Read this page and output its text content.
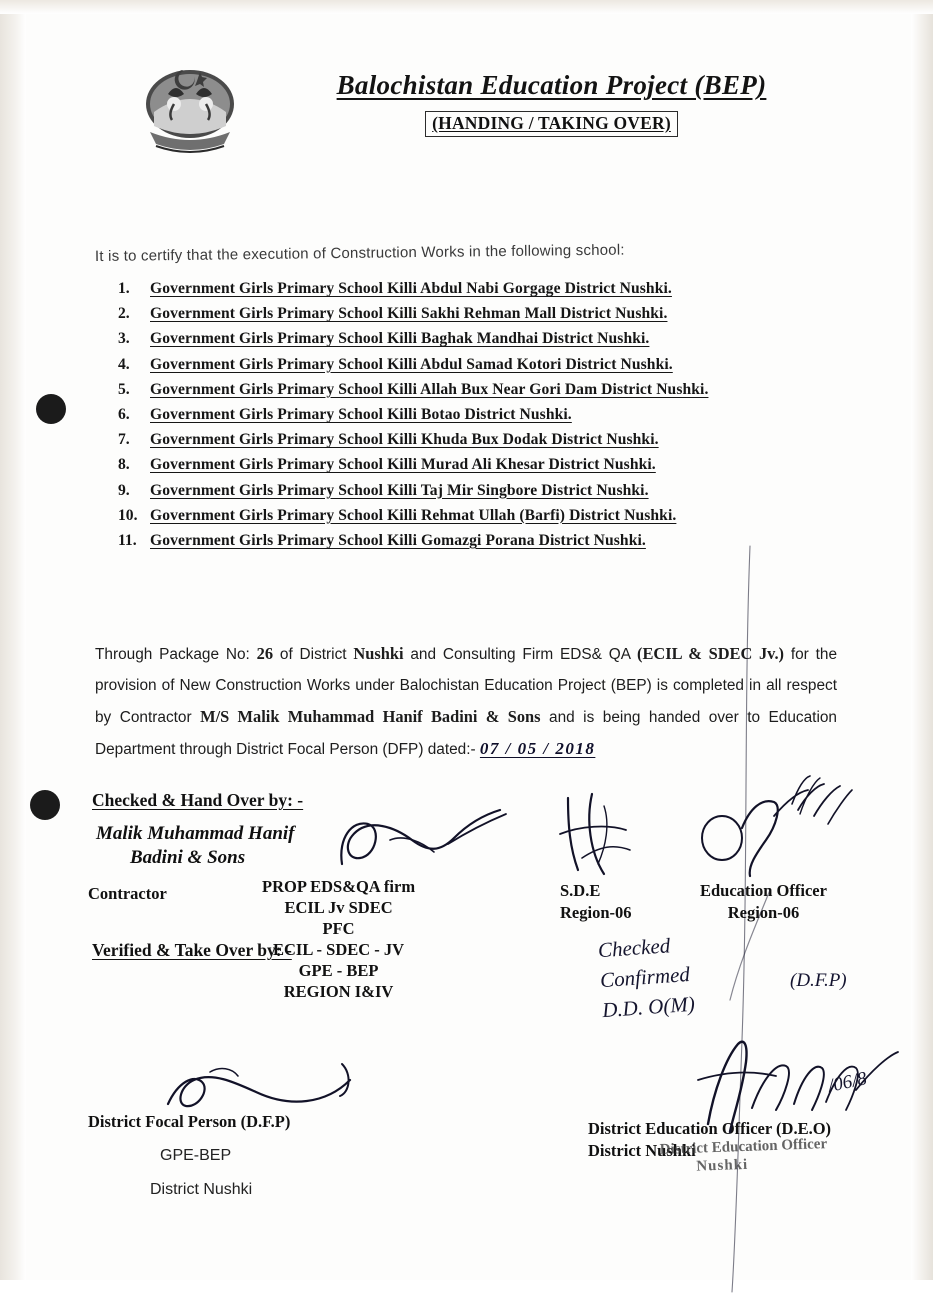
Balochistan Education Project (BEP)
(HANDING / TAKING OVER)
It is to certify that the execution of Construction Works in the following school:
1.	Government Girls Primary School Killi Abdul Nabi Gorgage District Nushki.
2.	Government Girls Primary School Killi Sakhi Rehman Mall District Nushki.
3.	Government Girls Primary School Killi Baghak Mandhai District Nushki.
4.	Government Girls Primary School Killi Abdul Samad Kotori District Nushki.
5.	Government Girls Primary School Killi Allah Bux Near Gori Dam District Nushki.
6.	Government Girls Primary School Killi Botao District Nushki.
7.	Government Girls Primary School Killi Khuda Bux Dodak District Nushki.
8.	Government Girls Primary School Killi Murad Ali Khesar District Nushki.
9.	Government Girls Primary School Killi Taj Mir Singbore District Nushki.
10. Government Girls Primary School Killi Rehmat Ullah (Barfi) District Nushki.
11. Government Girls Primary School Killi Gomazgi Porana District Nushki.
Through Package No: 26 of District Nushki and Consulting Firm EDS& QA (ECIL & SDEC Jv.) for the provision of New Construction Works under Balochistan Education Project (BEP) is completed in all respect by Contractor M/S Malik Muhammad Hanif Badini & Sons and is being handed over to Education Department through District Focal Person (DFP) dated:- 07 / 05 / 2018
Checked & Hand Over by: -
Malik Muhammad Hanif
Badini & Sons
Contractor	PROP EDS&QA firm
ECIL Jv SDEC
PFC
ECIL - SDEC - JV
GPE - BEP
REGION I&IV
Verified & Take Over by: -
S.D.E
Region-06
Education Officer
Region-06
District Focal Person (D.F.P)
GPE-BEP
District Nushki
District Education Officer (D.E.O)
District Nushki
District Education Officer
Nushki
Checked
Confirmed
D.D. O(M)
(D.F.P)
/06/8
